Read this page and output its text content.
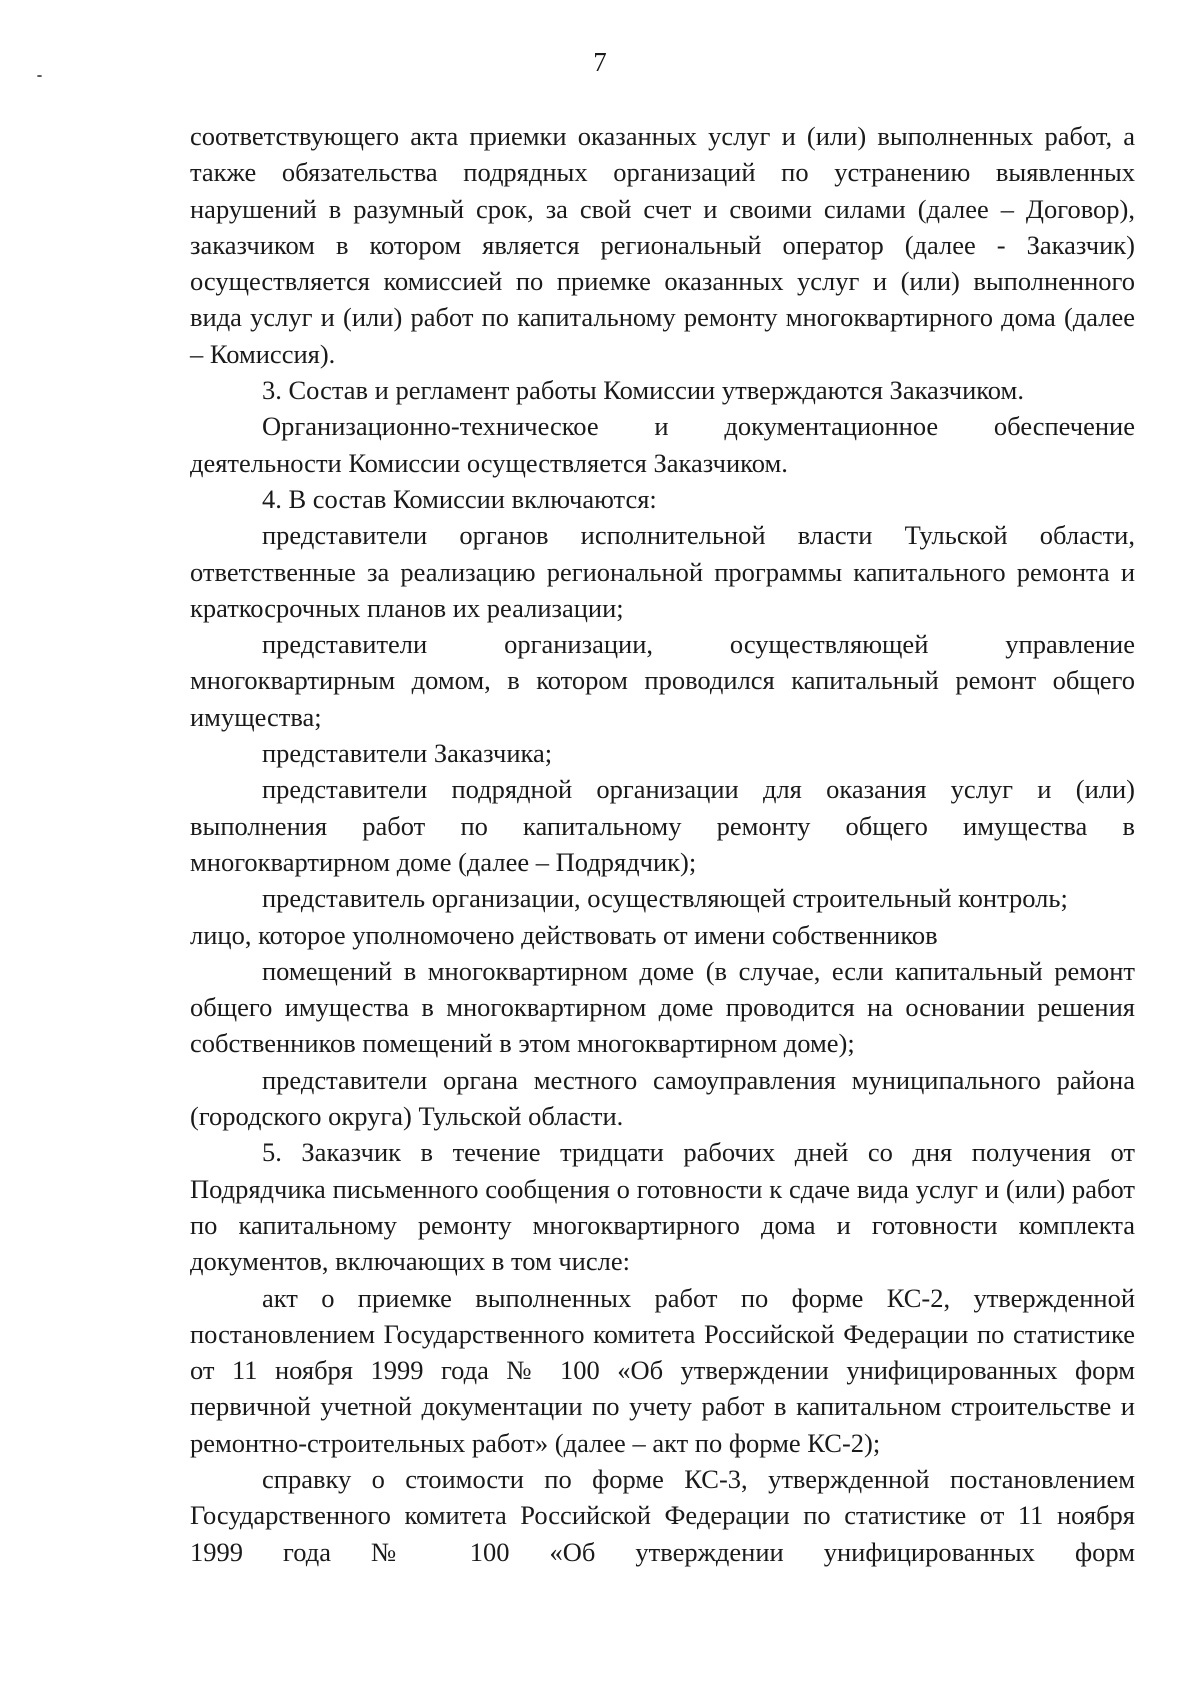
7

соответствующего акта приемки оказанных услуг и (или) выполненных работ, а также обязательства подрядных организаций по устранению выявленных нарушений в разумный срок, за свой счет и своими силами (далее – Договор), заказчиком в котором является региональный оператор (далее - Заказчик) осуществляется комиссией по приемке оказанных услуг и (или) выполненного вида услуг и (или) работ по капитальному ремонту многоквартирного дома (далее – Комиссия).

3. Состав и регламент работы Комиссии утверждаются Заказчиком.

Организационно-техническое и документационное обеспечение деятельности Комиссии осуществляется Заказчиком.

4. В состав Комиссии включаются:

представители органов исполнительной власти Тульской области, ответственные за реализацию региональной программы капитального ремонта и краткосрочных планов их реализации;

представители организации, осуществляющей управление многоквартирным домом, в котором проводился капитальный ремонт общего имущества;

представители Заказчика;

представители подрядной организации для оказания услуг и (или) выполнения работ по капитальному ремонту общего имущества в многоквартирном доме (далее – Подрядчик);

представитель организации, осуществляющей строительный контроль;

лицо, которое уполномочено действовать от имени собственников

помещений в многоквартирном доме (в случае, если капитальный ремонт общего имущества в многоквартирном доме проводится на основании решения собственников помещений в этом многоквартирном доме);

представители органа местного самоуправления муниципального района (городского округа) Тульской области.

5. Заказчик в течение тридцати рабочих дней со дня получения от Подрядчика письменного сообщения о готовности к сдаче вида услуг и (или) работ по капитальному ремонту многоквартирного дома и готовности комплекта документов, включающих в том числе:

акт о приемке выполненных работ по форме КС-2, утвержденной постановлением Государственного комитета Российской Федерации по статистике от 11 ноября 1999 года № 100 «Об утверждении унифицированных форм первичной учетной документации по учету работ в капитальном строительстве и ремонтно-строительных работ» (далее – акт по форме КС-2);

справку о стоимости по форме КС-3, утвержденной постановлением Государственного комитета Российской Федерации по статистике от 11 ноября 1999 года № 100 «Об утверждении унифицированных форм
